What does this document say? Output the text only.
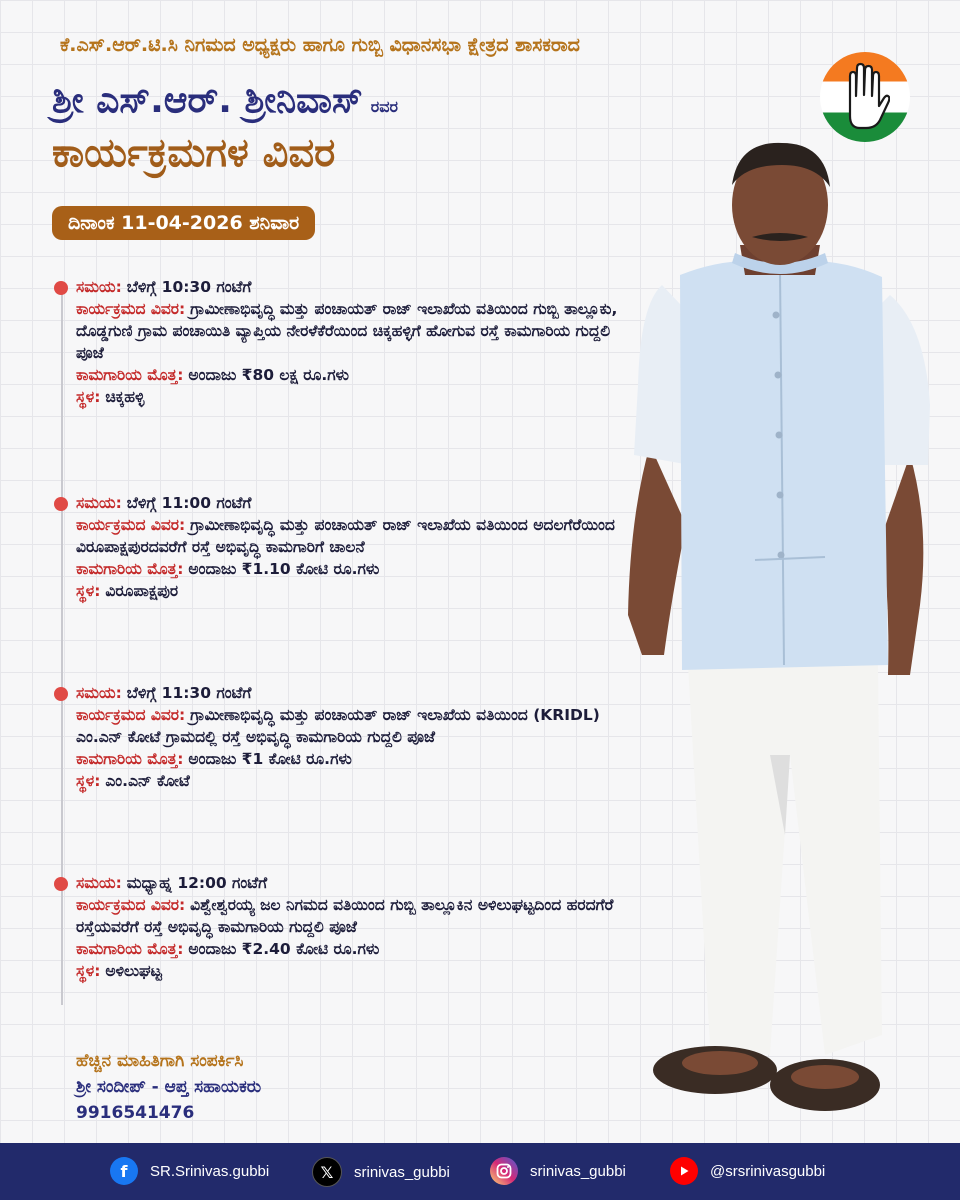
ಕೆ.ಎಸ್.ಆರ್.ಟಿ.ಸಿ ನಿಗಮದ ಅಧ್ಯಕ್ಷರು ಹಾಗೂ ಗುಬ್ಬಿ ವಿಧಾನಸಭಾ ಕ್ಷೇತ್ರದ ಶಾಸಕರಾದ
ಶ್ರೀ ಎಸ್.ಆರ್. ಶ್ರೀನಿವಾಸ್ ರವರ
ಕಾರ್ಯಕ್ರಮಗಳ ವಿವರ
ದಿನಾಂಕ 11-04-2026 ಶನಿವಾರ
ಸಮಯ: ಬೆಳಿಗ್ಗೆ 10:30 ಗಂಟೆಗೆ
ಕಾರ್ಯಕ್ರಮದ ವಿವರ: ಗ್ರಾಮೀಣಾಭಿವೃದ್ಧಿ ಮತ್ತು ಪಂಚಾಯತ್ ರಾಜ್ ಇಲಾಖೆಯ ವತಿಯಿಂದ ಗುಬ್ಬಿ ತಾಲ್ಲೂಕು, ದೊಡ್ಡಗುಣಿ ಗ್ರಾಮ ಪಂಚಾಯಿತಿ ವ್ಯಾಪ್ತಿಯ ನೇರಳೆಕೆರೆಯಿಂದ ಚಿಕ್ಕಹಳ್ಳಿಗೆ ಹೋಗುವ ರಸ್ತೆ ಕಾಮಗಾರಿಯ ಗುದ್ದಲಿ ಪೂಜೆ
ಕಾಮಗಾರಿಯ ಮೊತ್ತ: ಅಂದಾಜು ₹80 ಲಕ್ಷ ರೂ.ಗಳು
ಸ್ಥಳ: ಚಿಕ್ಕಹಳ್ಳಿ
ಸಮಯ: ಬೆಳಿಗ್ಗೆ 11:00 ಗಂಟೆಗೆ
ಕಾರ್ಯಕ್ರಮದ ವಿವರ: ಗ್ರಾಮೀಣಾಭಿವೃದ್ಧಿ ಮತ್ತು ಪಂಚಾಯತ್ ರಾಜ್ ಇಲಾಖೆಯ ವತಿಯಿಂದ ಅದಲಗೆರೆಯಿಂದ ವಿರೂಪಾಕ್ಷಪುರದವರೆಗೆ ರಸ್ತೆ ಅಭಿವೃದ್ಧಿ ಕಾಮಗಾರಿಗೆ ಚಾಲನೆ
ಕಾಮಗಾರಿಯ ಮೊತ್ತ: ಅಂದಾಜು ₹1.10 ಕೋಟಿ ರೂ.ಗಳು
ಸ್ಥಳ: ವಿರೂಪಾಕ್ಷಪುರ
ಸಮಯ: ಬೆಳಿಗ್ಗೆ 11:30 ಗಂಟೆಗೆ
ಕಾರ್ಯಕ್ರಮದ ವಿವರ: ಗ್ರಾಮೀಣಾಭಿವೃದ್ಧಿ ಮತ್ತು ಪಂಚಾಯತ್ ರಾಜ್ ಇಲಾಖೆಯ ವತಿಯಿಂದ (KRIDL) ಎಂ.ಎನ್ ಕೋಟೆ ಗ್ರಾಮದಲ್ಲಿ ರಸ್ತೆ ಅಭಿವೃದ್ಧಿ ಕಾಮಗಾರಿಯ ಗುದ್ದಲಿ ಪೂಜೆ
ಕಾಮಗಾರಿಯ ಮೊತ್ತ: ಅಂದಾಜು ₹1 ಕೋಟಿ ರೂ.ಗಳು
ಸ್ಥಳ: ಎಂ.ಎನ್ ಕೋಟೆ
ಸಮಯ: ಮಧ್ಯಾಹ್ನ 12:00 ಗಂಟೆಗೆ
ಕಾರ್ಯಕ್ರಮದ ವಿವರ: ವಿಶ್ವೇಶ್ವರಯ್ಯ ಜಲ ನಿಗಮದ ವತಿಯಿಂದ ಗುಬ್ಬಿ ತಾಲ್ಲೂಕಿನ ಅಳಿಲುಘಟ್ಟದಿಂದ ಹರದಗೆರೆ ರಸ್ತೆಯವರೆಗೆ ರಸ್ತೆ ಅಭಿವೃದ್ಧಿ ಕಾಮಗಾರಿಯ ಗುದ್ದಲಿ ಪೂಜೆ
ಕಾಮಗಾರಿಯ ಮೊತ್ತ: ಅಂದಾಜು ₹2.40 ಕೋಟಿ ರೂ.ಗಳು
ಸ್ಥಳ: ಅಳಿಲುಘಟ್ಟ
ಹೆಚ್ಚಿನ ಮಾಹಿತಿಗಾಗಿ ಸಂಪರ್ಕಿಸಿ
ಶ್ರೀ ಸಂದೀಪ್ - ಆಪ್ತ ಸಹಾಯಕರು
9916541476
f	SR.Srinivas.gubbi	𝕏	srinivas_gubbi	srinivas_gubbi	@srsrinivasgubbi
